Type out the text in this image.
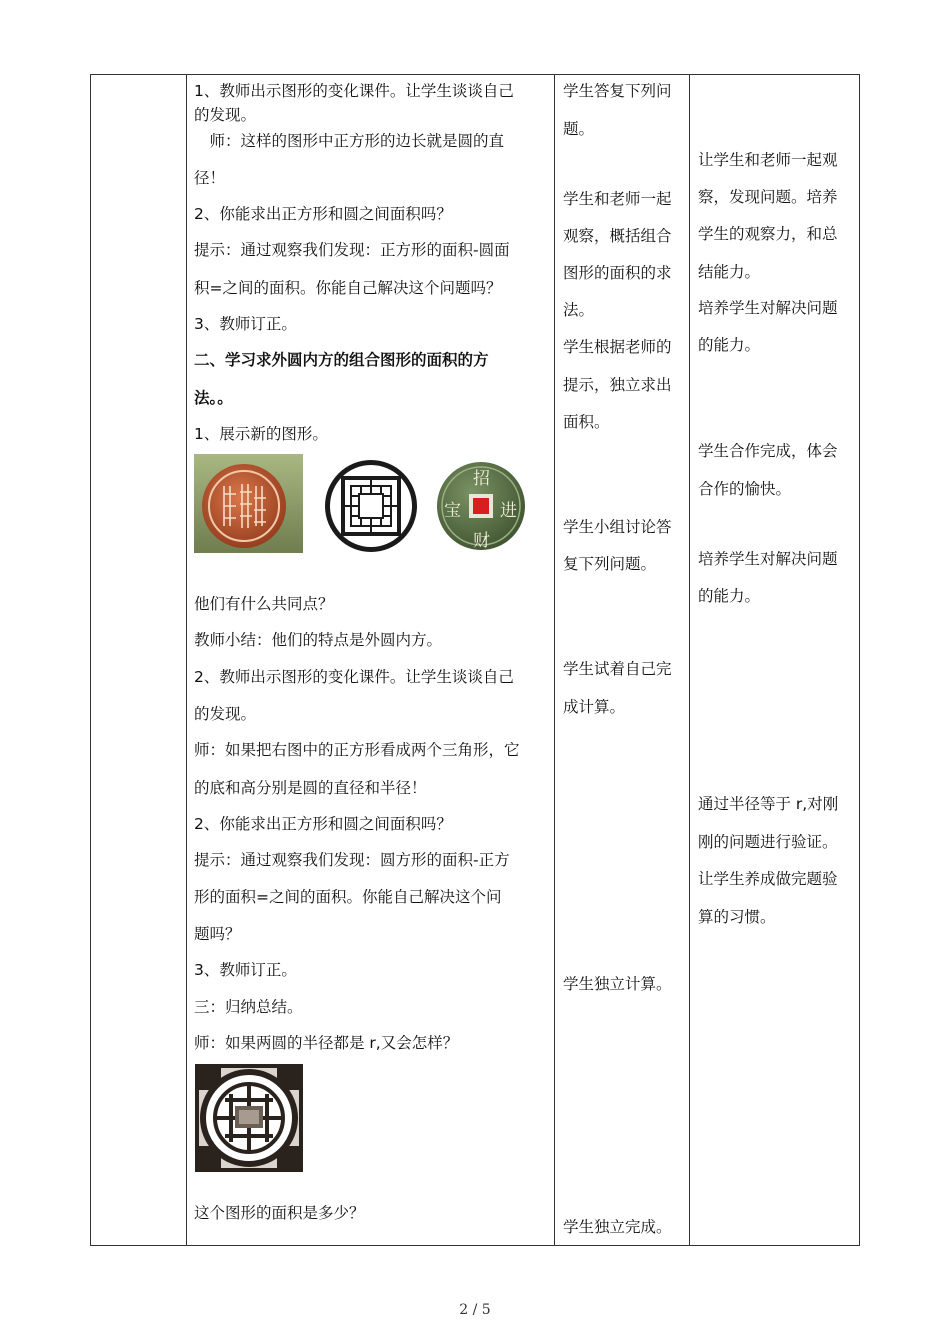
1、教师出示图形的变化课件。让学生谈谈自己
的发现。
　师：这样的图形中正方形的边长就是圆的直
径！
2、你能求出正方形和圆之间面积吗？
提示：通过观察我们发现：正方形的面积-圆面
积=之间的面积。你能自己解决这个问题吗？
3、教师订正。
二、学习求外圆内方的组合图形的面积的方
法。。
1、展示新的图形。
他们有什么共同点？
教师小结：他们的特点是外圆内方。
2、教师出示图形的变化课件。让学生谈谈自己
的发现。
师：如果把右图中的正方形看成两个三角形，它
的底和高分别是圆的直径和半径！
2、你能求出正方形和圆之间面积吗？
提示：通过观察我们发现：圆方形的面积-正方
形的面积=之间的面积。你能自己解决这个问
题吗？
3、教师订正。
三：归纳总结。
师：如果两圆的半径都是 r,又会怎样？
这个图形的面积是多少？
招
进
财
宝
学生答复下列问
题。
学生和老师一起
观察，概括组合
图形的面积的求
法。
学生根据老师的
提示，独立求出
面积。
学生小组讨论答
复下列问题。
学生试着自己完
成计算。
学生独立计算。
学生独立完成。
让学生和老师一起观
察，发现问题。培养
学生的观察力，和总
结能力。
培养学生对解决问题
的能力。
学生合作完成，体会
合作的愉快。
培养学生对解决问题
的能力。
通过半径等于 r,对刚
刚的问题进行验证。
让学生养成做完题验
算的习惯。
2 / 5
